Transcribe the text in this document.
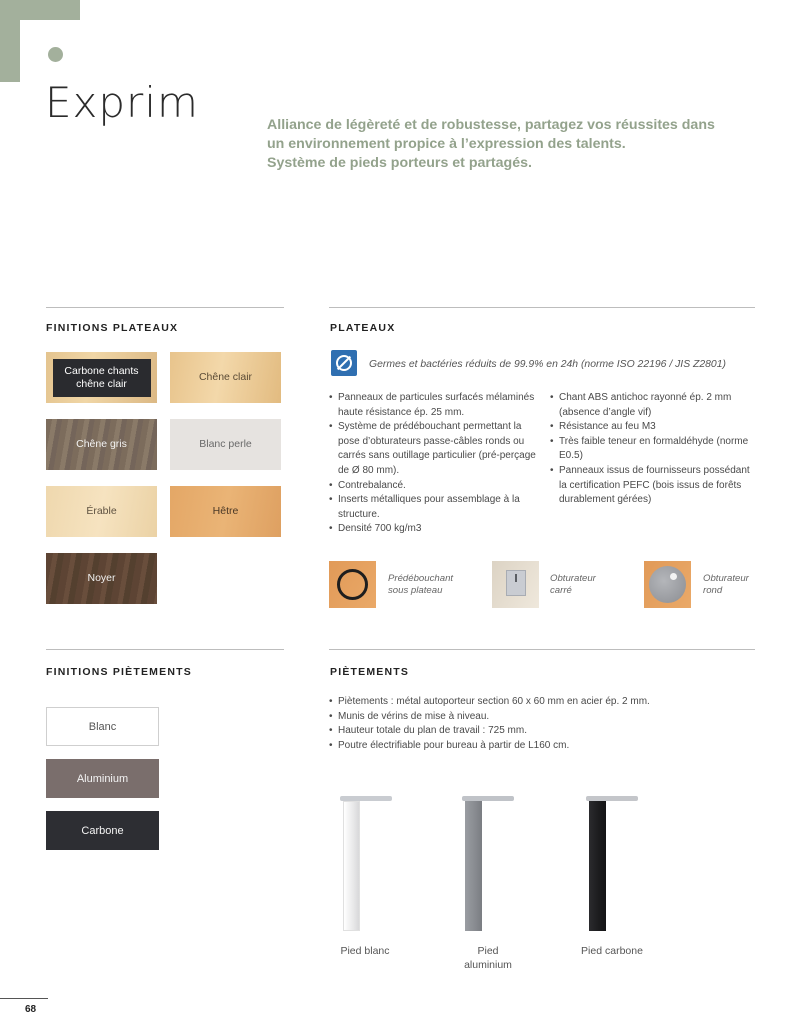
Exprim	Alliance de légèreté et de robustesse, partagez vos réussites dans
un environnement propice à l’expression des talents.
Système de pieds porteurs et partagés.
FINITIONS PLATEAUX
Carbone chants chêne clair
Chêne clair
Chêne gris	Blanc perle
Érable	Hêtre
Noyer
PLATEAUX
Germes et bactéries réduits de 99.9% en 24h (norme ISO 22196 / JIS Z2801)
• Panneaux de particules surfacés mélaminés haute résistance ép. 25 mm.
• Système de prédébouchant permettant la pose d’obturateurs passe-câbles ronds ou carrés sans outillage particulier (pré-perçage de Ø 80 mm).
• Contrebalancé.
• Inserts métalliques pour assemblage à la structure.
• Densité 700 kg/m3
• Chant ABS antichoc rayonné ép. 2 mm (absence d’angle vif)
• Résistance au feu M3
• Très faible teneur en formaldéhyde (norme E0.5)
• Panneaux issus de fournisseurs possédant la certification PEFC (bois issus de forêts durablement gérées)
Prédébouchant
sous plateau
Obturateur
carré
Obturateur
rond
FINITIONS PIÈTEMENTS
Blanc
Aluminium
Carbone
PIÈTEMENTS
• Piètements : métal autoporteur section 60 x 60 mm en acier ép. 2 mm.
• Munis de vérins de mise à niveau.
• Hauteur totale du plan de travail : 725 mm.
• Poutre électrifiable pour bureau à partir de L160 cm.
Pied blanc	Pied
aluminium
Pied carbone
68
